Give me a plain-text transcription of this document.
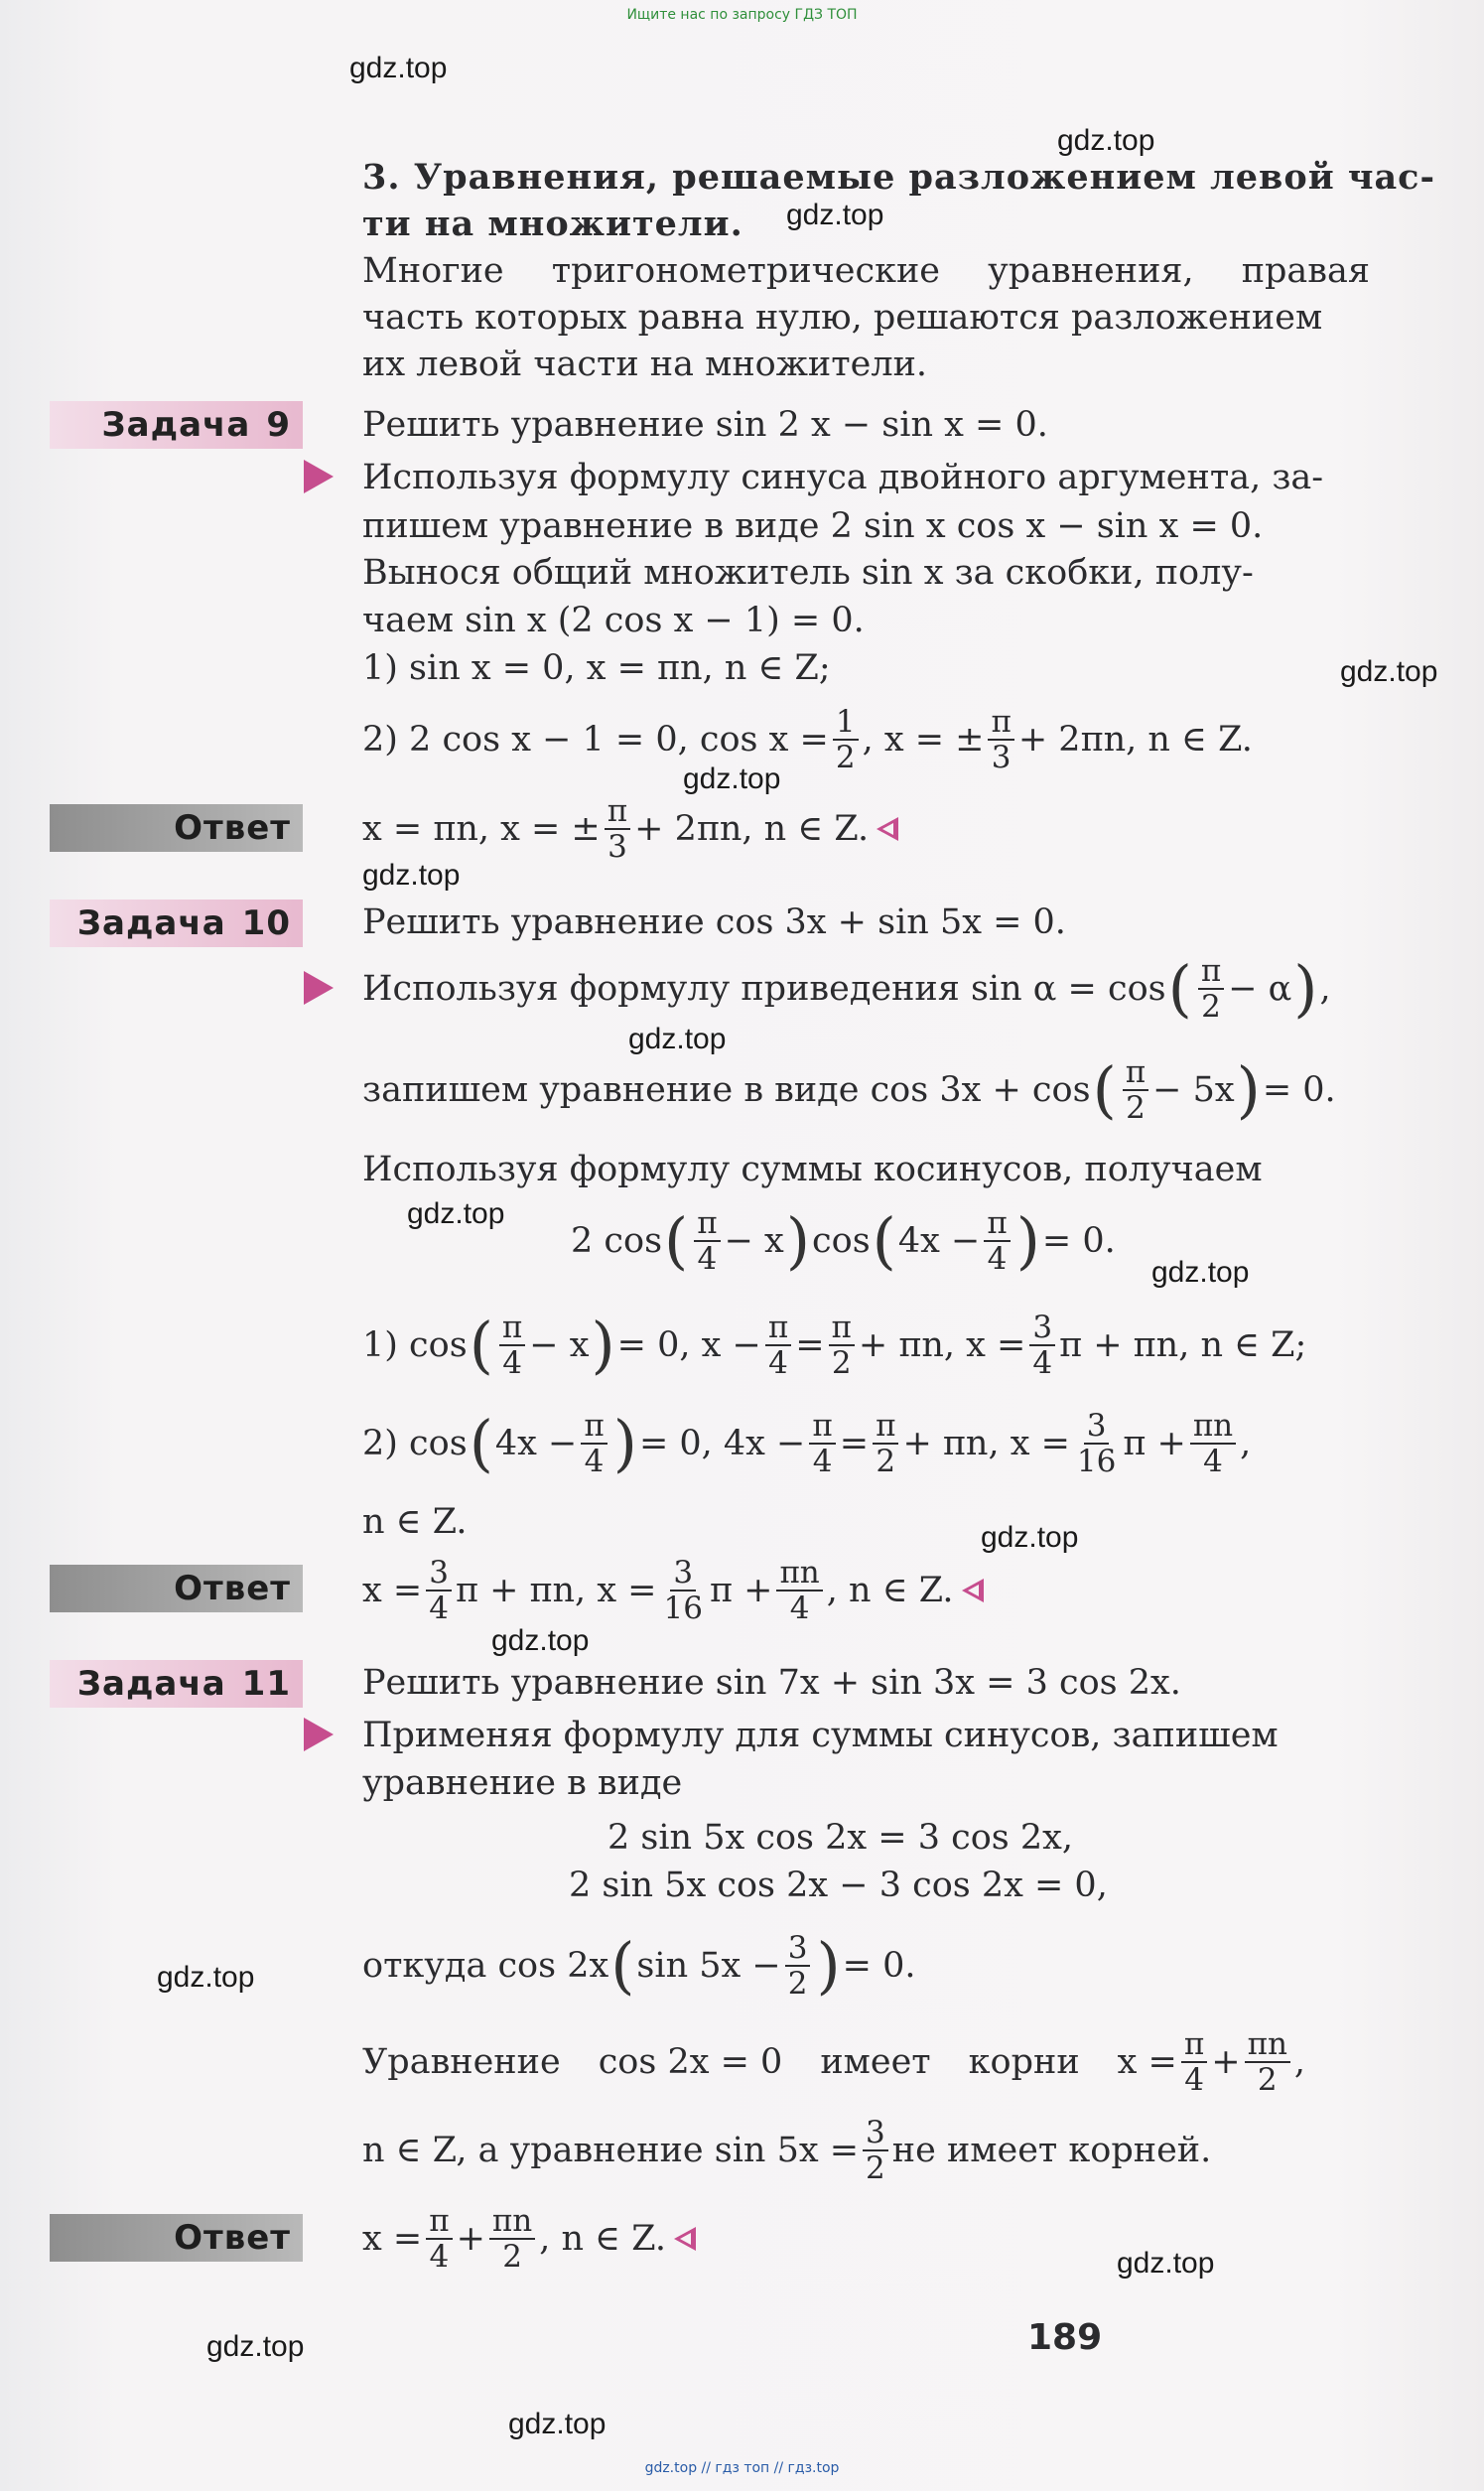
Ищите нас по запросу ГДЗ ТОП
gdz.top
gdz.top
gdz.top
gdz.top
gdz.top
gdz.top
gdz.top
gdz.top
gdz.top
gdz.top
gdz.top
gdz.top
gdz.top
gdz.top
gdz.top
3. Уравнения, решаемые разложением левой час-
ти на множители.
Многие тригонометрические уравнения, правая
часть которых равна нулю, решаются разложением
их левой части на множители.
Задача 9 Решить уравнение sin 2 x − sin x = 0.
Используя формулу синуса двойного аргумента, за-
пишем уравнение в виде 2 sin x cos x − sin x = 0.
Вынося общий множитель sin x за скобки, полу-
чаем sin x (2 cos x − 1) = 0.
1) sin x = 0, x = πn, n ∈ Z;
2) 2 cos x − 1 = 0, $\cos x = \frac{1}{2}$ , x = ± $\frac{\pi}{3} + 2\pi n$, n ∈ Z.
Ответ x = πn, x = ± $\frac{\pi}{3} + 2\pi n$, n ∈ Z.
Задача 10 Решить уравнение cos 3x + sin 5x = 0.
Используя формулу приведения sin α = cos ( $\frac{\pi}{2} - \alpha$ ) ,
запишем уравнение в виде cos 3x + cos ( $\frac{\pi}{2} - 5x$ ) = 0.
Используя формулу суммы косинусов, получаем
2 cos ( $\frac{\pi}{4} - x$ ) cos ( $4x - \frac{\pi}{4}$ ) = 0.
1) cos ( $\frac{\pi}{4} - x$ ) = 0, $x - \frac{\pi}{4} = \frac{\pi}{2} + \pi n$, $x = \frac{3}{4}$ π + πn, n ∈ Z;
2) cos ( $4x - \frac{\pi}{4}$ ) = 0, $4x - \frac{\pi}{4} = \frac{\pi}{2} + \pi n$, $x = \frac{3}{16}$ $\pi + \frac{\pi n}{4}$ ,
n ∈ Z.
Ответ $x = \frac{3}{4}$ π + πn, $x = \frac{3}{16}$ $\pi + \frac{\pi n}{4}$ , n ∈ Z.
Задача 11 Решить уравнение sin 7x + sin 3x = 3 cos 2x.
Применяя формулу для суммы синусов, запишем
уравнение в виде
2 sin 5x cos 2x = 3 cos 2x,
2 sin 5x cos 2x − 3 cos 2x = 0,
откуда cos 2x ( $\sin 5x - \frac{3}{2}$ ) = 0.
Уравнение cos 2x = 0 имеет корни $x = \frac{\pi}{4} + \frac{\pi n}{2}$ ,
n ∈ Z, а уравнение $\sin 5x = \frac{3}{2}$ не имеет корней.
Ответ $x = \frac{\pi}{4} + \frac{\pi n}{2}$ , n ∈ Z.
189
gdz.top // гдз топ // гдз.top
